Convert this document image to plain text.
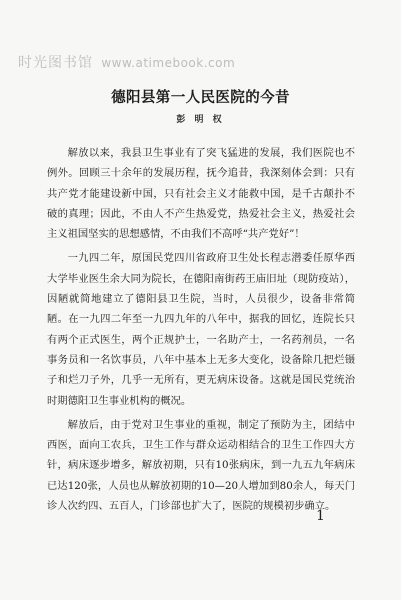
时光图书馆 www.atimebook.com
德阳县第一人民医院的今昔
彭 明 权

解放以来，我县卫生事业有了突飞猛进的发展，我们医院也不例外。回顾三十余年的发展历程，抚今追昔，我深刻体会到：只有共产党才能建设新中国，只有社会主义才能救中国，是千古颠扑不破的真理；因此，不由人不产生热爱党，热爱社会主义，热爱社会主义祖国坚实的思想感情，不由我们不高呼“共产党好”！

一九四二年，原国民党四川省政府卫生处长程志潜委任原华西大学毕业医生余大同为院长，在德阳南街药王庙旧址（现防疫站），因陋就简地建立了德阳县卫生院，当时，人员很少，设备非常简陋。在一九四二年至一九四九年的八年中，据我的回忆，连院长只有两个正式医生，两个正规护士，一名助产士，一名药剂员，一名事务员和一名饮事员，八年中基本上无多大变化，设备除几把烂镊子和烂刀子外，几乎一无所有，更无病床设备。这就是国民党统治时期德阳卫生事业机构的概况。

解放后，由于党对卫生事业的重视，制定了预防为主，团结中西医，面向工农兵，卫生工作与群众运动相结合的卫生工作四大方针，病床逐步增多，解放初期，只有10张病床，到一九五九年病床已达120张，人员也从解放初期的10—20人增加到80余人，每天门诊人次约四、五百人，门诊部也扩大了，医院的规模初步确立。

1
